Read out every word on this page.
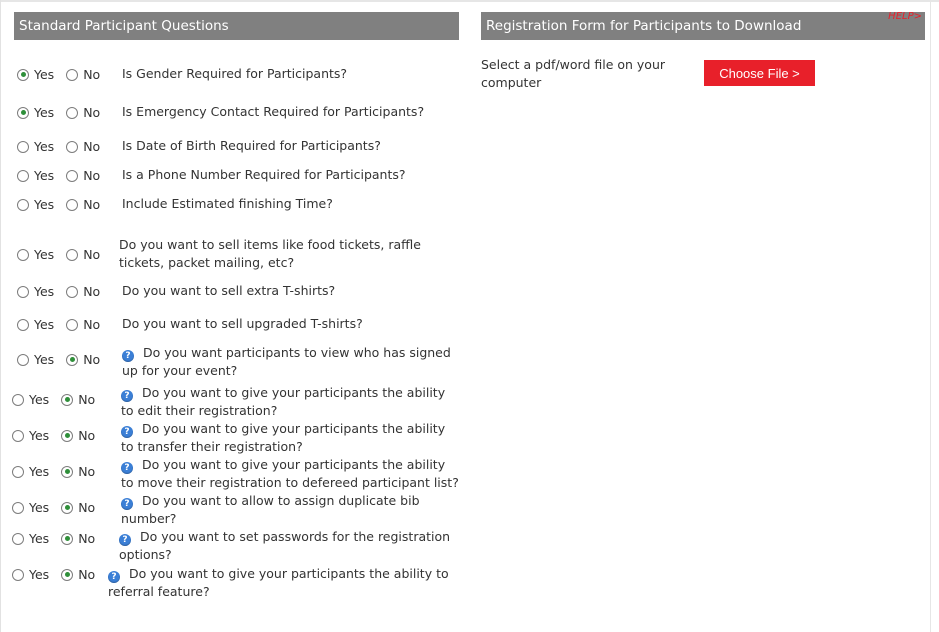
Standard Participant Questions	Registration Form for Participants to Download
HELP>
Select a pdf/word file on your computer
Choose File >
Yes No Is Gender Required for Participants?
Yes No Is Emergency Contact Required for Participants?
Yes No Is Date of Birth Required for Participants?
Yes No Is a Phone Number Required for Participants?
Yes No Include Estimated finishing Time?
Yes No
Do you want to sell items like food tickets, raffle tickets, packet mailing, etc?
Yes No Do you want to sell extra T-shirts?
Yes No Do you want to sell upgraded T-shirts?
Yes No	? Do you want participants to view who has signed up for your event?
Yes No	? Do you want to give your participants the ability to edit their registration?
Yes No	? Do you want to give your participants the ability to transfer their registration?
Yes No	? Do you want to give your participants the ability to move their registration to defereed participant list?
Yes No	? Do you want to allow to assign duplicate bib number?
Yes No	? Do you want to set passwords for the registration options?
Yes No	? Do you want to give your participants the ability to referral feature?
